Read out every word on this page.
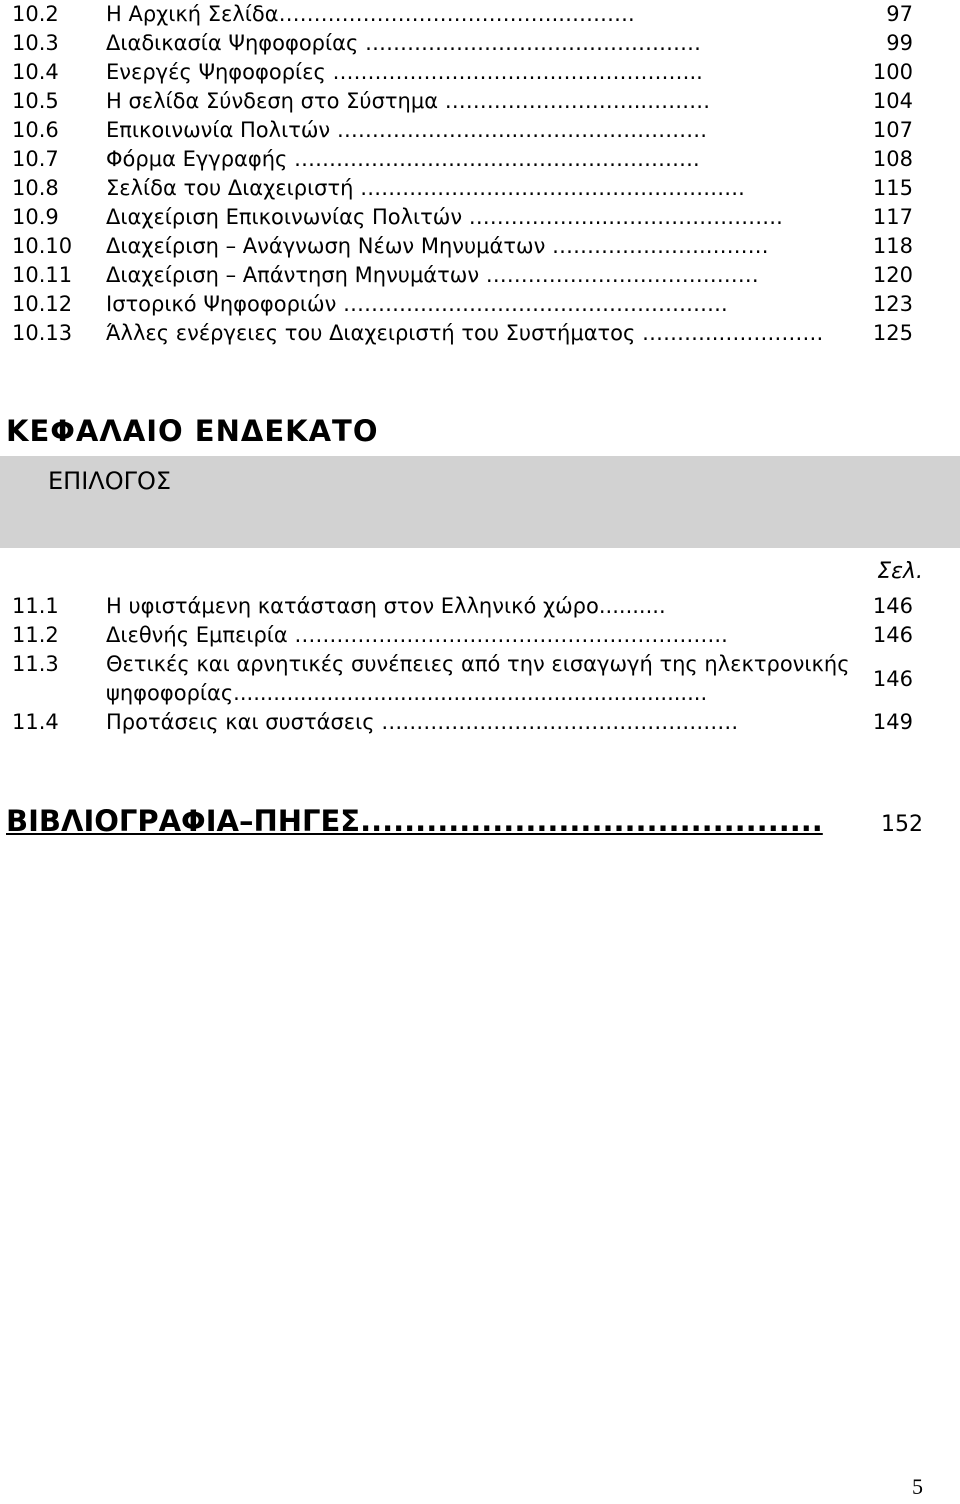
10.2 Η Αρχική Σελίδα…………………………………..……….	97
10.3 Διαδικασία Ψηφοφορίας …………………………………………	99
10.4 Ενεργές Ψηφοφορίες ……………………………………………..	100
10.5 Η σελίδα Σύνδεση στο Σύστημα ………………………..………	104
10.6 Επικοινωνία Πολιτών ……………………..………………………	107
10.7 Φόρμα Εγγραφής ………………………………………………….	108
10.8 Σελίδα του Διαχειριστή ……………………………………………….	115
10.9 Διαχείριση Επικοινωνίας Πολιτών ………………..…………………….	117
10.10 Διαχείριση – Ανάγνωση Νέων Μηνυμάτων ………………….………	118
10.11 Διαχείριση – Απάντηση Μηνυμάτων …………………………………	120
10.12 Ιστορικό Ψηφοφοριών ……………………………………………….	123
10.13 Άλλες ενέργειες του Διαχειριστή του Συστήματος ………..…………… 125
ΚΕΦΑΛΑΙΟ ΕΝΔΕΚΑΤΟ
ΕΠΙΛΟΓΟΣ
Σελ.
11.1 Η υφιστάμενη κατάσταση στον Ελληνικό χώρο..........	146
11.2 Διεθνής Εμπειρία ……………………………………………………..	146
11.3 Θετικές και αρνητικές συνέπειες από την εισαγωγή της ηλεκτρονικής
ψηφοφορίας.......................................................................
146
11.4 Προτάσεις και συστάσεις ……………………………………………	149
ΒΙΒΛΙΟΓΡΑΦΙΑ–ΠΗΓΕΣ..........................................	152
5
